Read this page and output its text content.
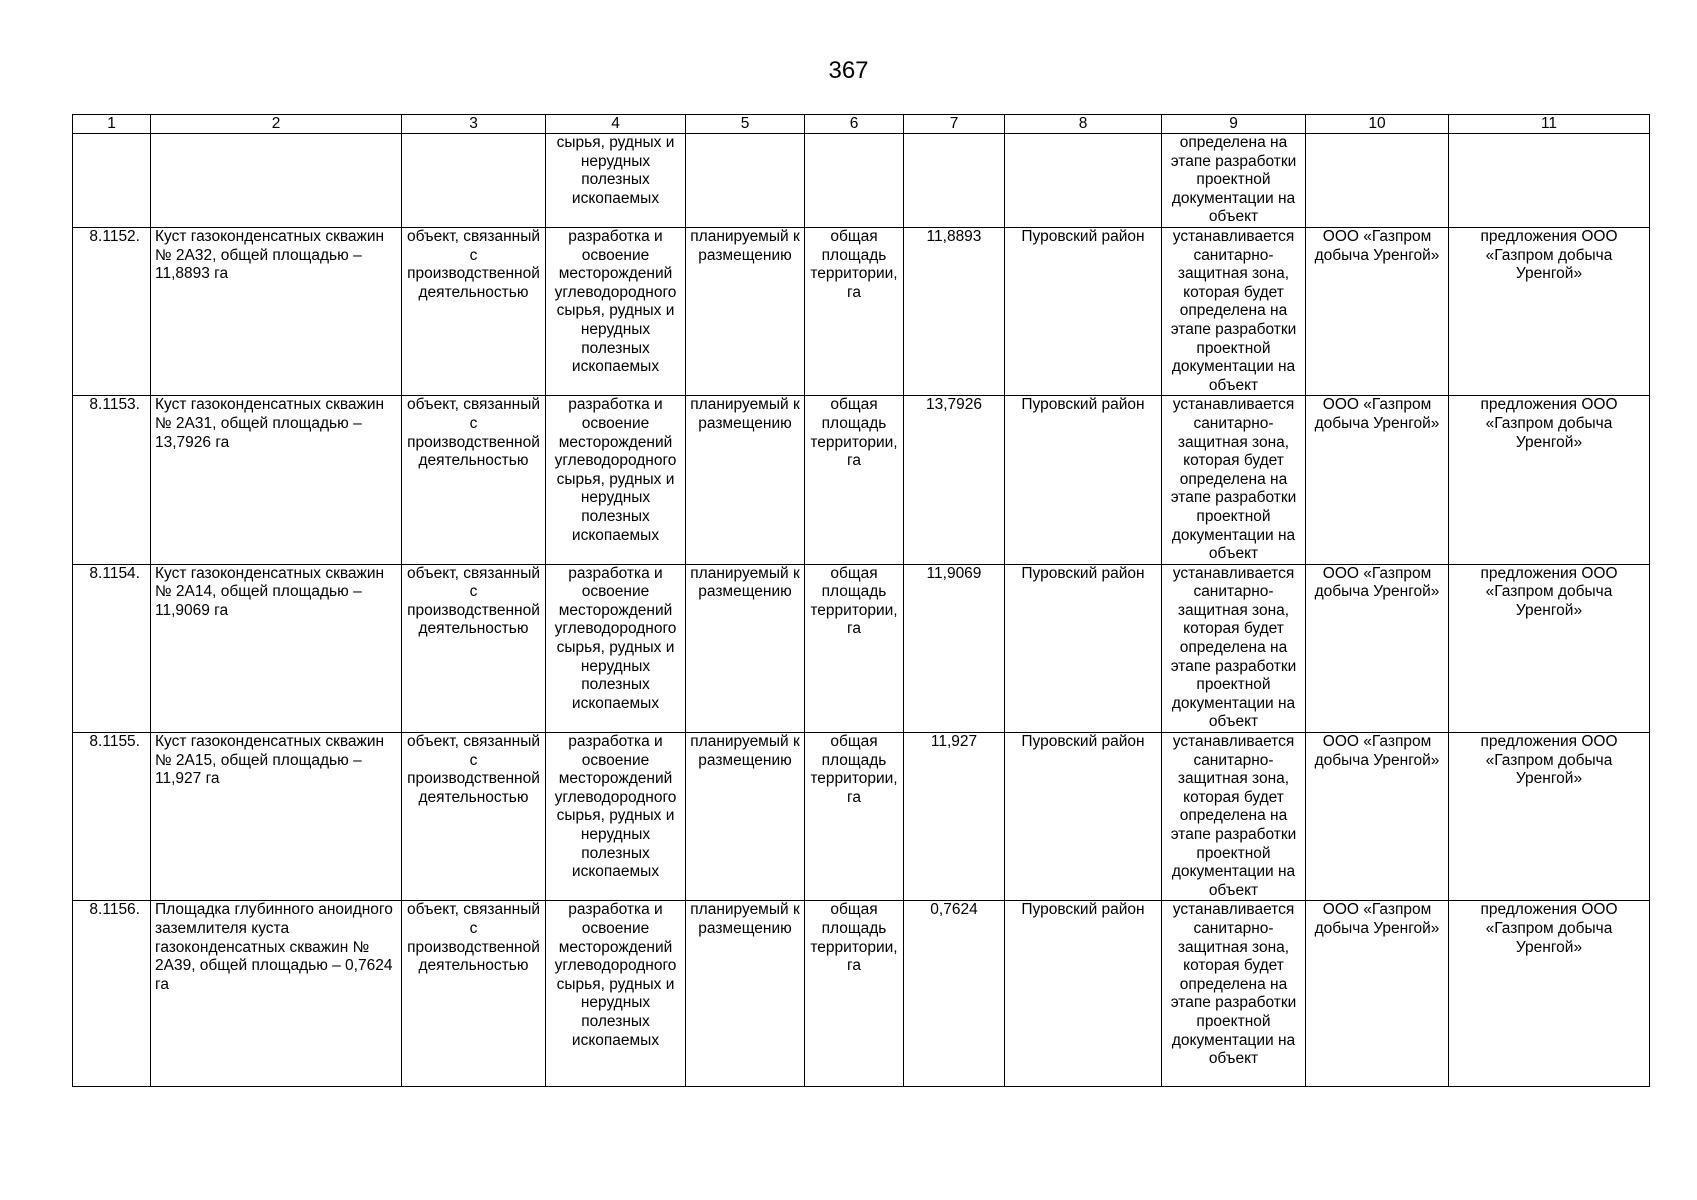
367
1	2	3	4	5	6	7	8	9	10	11
			сырья, рудных и нерудных полезных ископаемых					определена на этапе разработки проектной документации на объект		
8.1152.	Куст газоконденсатных скважин № 2А32, общей площадью – 11,8893 га	объект, связанный с производственной деятельностью	разработка и освоение месторождений углеводородного сырья, рудных и нерудных полезных ископаемых	планируемый к размещению	общая площадь территории, га	11,8893	Пуровский район	устанавливается санитарно-защитная зона, которая будет определена на этапе разработки проектной документации на объект	ООО «Газпром добыча Уренгой»	предложения ООО «Газпром добыча Уренгой»
8.1153.	Куст газоконденсатных скважин № 2А31, общей площадью – 13,7926 га	объект, связанный с производственной деятельностью	разработка и освоение месторождений углеводородного сырья, рудных и нерудных полезных ископаемых	планируемый к размещению	общая площадь территории, га	13,7926	Пуровский район	устанавливается санитарно-защитная зона, которая будет определена на этапе разработки проектной документации на объект	ООО «Газпром добыча Уренгой»	предложения ООО «Газпром добыча Уренгой»
8.1154.	Куст газоконденсатных скважин № 2А14, общей площадью – 11,9069 га	объект, связанный с производственной деятельностью	разработка и освоение месторождений углеводородного сырья, рудных и нерудных полезных ископаемых	планируемый к размещению	общая площадь территории, га	11,9069	Пуровский район	устанавливается санитарно-защитная зона, которая будет определена на этапе разработки проектной документации на объект	ООО «Газпром добыча Уренгой»	предложения ООО «Газпром добыча Уренгой»
8.1155.	Куст газоконденсатных скважин № 2А15, общей площадью – 11,927 га	объект, связанный с производственной деятельностью	разработка и освоение месторождений углеводородного сырья, рудных и нерудных полезных ископаемых	планируемый к размещению	общая площадь территории, га	11,927	Пуровский район	устанавливается санитарно-защитная зона, которая будет определена на этапе разработки проектной документации на объект	ООО «Газпром добыча Уренгой»	предложения ООО «Газпром добыча Уренгой»
8.1156.	Площадка глубинного аноидного заземлителя куста газоконденсатных скважин № 2А39, общей площадью – 0,7624 га	объект, связанный с производственной деятельностью	разработка и освоение месторождений углеводородного сырья, рудных и нерудных полезных ископаемых	планируемый к размещению	общая площадь территории, га	0,7624	Пуровский район	устанавливается санитарно-защитная зона, которая будет определена на этапе разработки проектной документации на объект	ООО «Газпром добыча Уренгой»	предложения ООО «Газпром добыча Уренгой»
